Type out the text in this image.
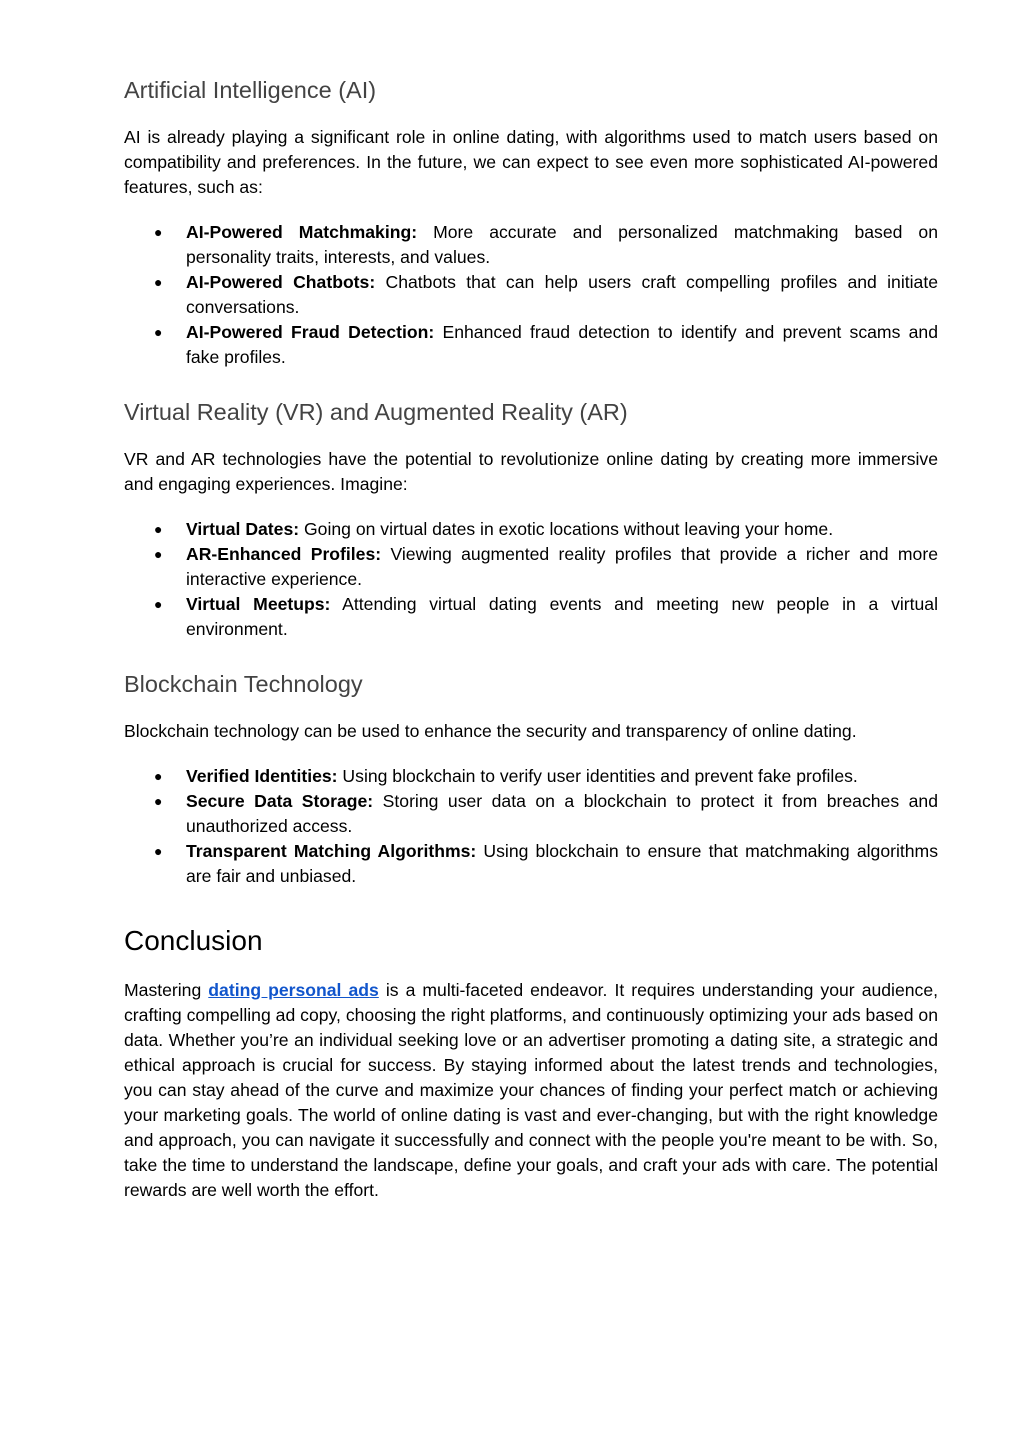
Artificial Intelligence (AI)

AI is already playing a significant role in online dating, with algorithms used to match users based on compatibility and preferences. In the future, we can expect to see even more sophisticated AI-powered features, such as:

● AI-Powered Matchmaking: More accurate and personalized matchmaking based on personality traits, interests, and values.
● AI-Powered Chatbots: Chatbots that can help users craft compelling profiles and initiate conversations.
● AI-Powered Fraud Detection: Enhanced fraud detection to identify and prevent scams and fake profiles.
Virtual Reality (VR) and Augmented Reality (AR)

VR and AR technologies have the potential to revolutionize online dating by creating more immersive and engaging experiences. Imagine:

● Virtual Dates: Going on virtual dates in exotic locations without leaving your home.
● AR-Enhanced Profiles: Viewing augmented reality profiles that provide a richer and more interactive experience.
● Virtual Meetups: Attending virtual dating events and meeting new people in a virtual environment.
Blockchain Technology

Blockchain technology can be used to enhance the security and transparency of online dating.

● Verified Identities: Using blockchain to verify user identities and prevent fake profiles.
● Secure Data Storage: Storing user data on a blockchain to protect it from breaches and unauthorized access.
● Transparent Matching Algorithms: Using blockchain to ensure that matchmaking algorithms are fair and unbiased.
Conclusion

Mastering dating personal ads is a multi-faceted endeavor. It requires understanding your audience, crafting compelling ad copy, choosing the right platforms, and continuously optimizing your ads based on data. Whether you’re an individual seeking love or an advertiser promoting a dating site, a strategic and ethical approach is crucial for success. By staying informed about the latest trends and technologies, you can stay ahead of the curve and maximize your chances of finding your perfect match or achieving your marketing goals. The world of online dating is vast and ever-changing, but with the right knowledge and approach, you can navigate it successfully and connect with the people you're meant to be with. So, take the time to understand the landscape, define your goals, and craft your ads with care. The potential rewards are well worth the effort.
